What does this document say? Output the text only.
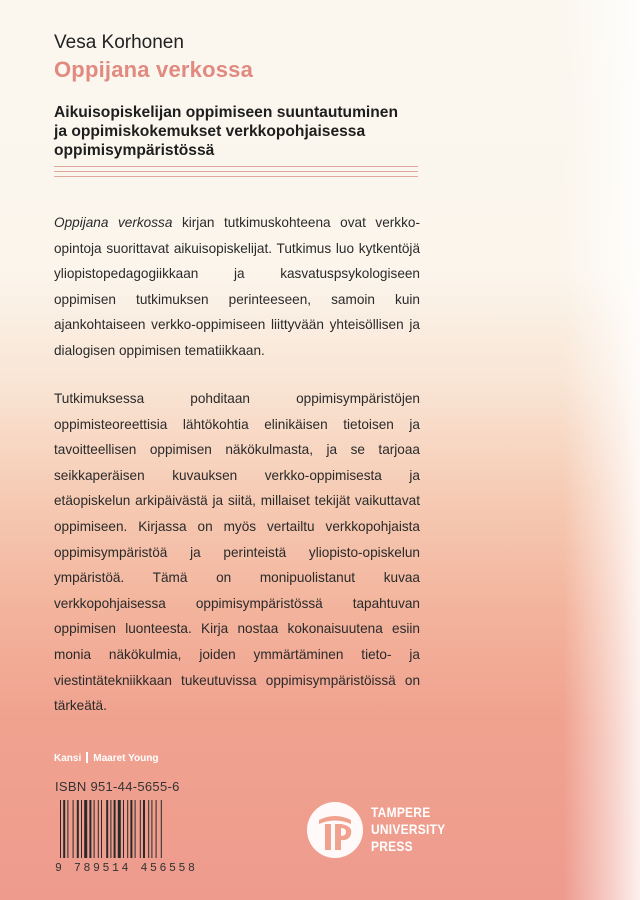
Vesa Korhonen
Oppijana verkossa
Aikuisopiskelijan oppimiseen suuntautuminen
ja oppimiskokemukset verkkopohjaisessa
oppimisympäristössä

Oppijana verkossa kirjan tutkimuskohteena ovat verkko-opintoja suorittavat aikuisopiskelijat. Tutkimus luo kytkentöjä yliopistopedagogiikkaan ja kasvatuspsykologiseen oppimisen tutkimuksen perinteeseen, samoin kuin ajankohtaiseen verkko-oppimiseen liittyvään yhteisöllisen ja dialogisen oppimisen tematiikkaan.

Tutkimuksessa pohditaan oppimisympäristöjen oppimisteoreettisia lähtökohtia elinikäisen tietoisen ja tavoitteellisen oppimisen näkökulmasta, ja se tarjoaa seikkaperäisen kuvauksen verkko-oppimisesta ja etäopiskelun arkipäivästä ja siitä, millaiset tekijät vaikuttavat oppimiseen. Kirjassa on myös vertailtu verkkopohjaista oppimisympäristöä ja perinteistä yliopisto-opiskelun ympäristöä. Tämä on monipuolistanut kuvaa verkkopohjaisessa oppimisympäristössä tapahtuvan oppimisen luonteesta. Kirja nostaa kokonaisuutena esiin monia näkökulmia, joiden ymmärtäminen tieto- ja viestintätekniikkaan tukeutuvissa oppimisympäristöissä on tärkeätä.

Kansi Maaret Young
ISBN 951-44-5655-6
9 789514 456558
TAMPERE
UNIVERSITY
PRESS
